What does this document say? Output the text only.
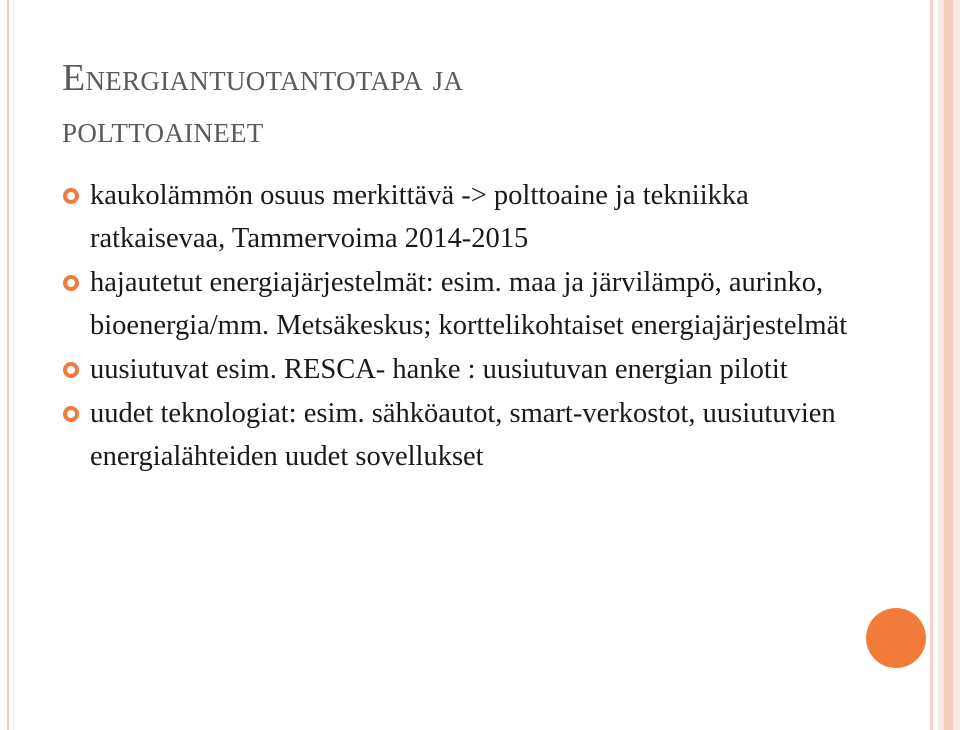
Energiantuotantotapa ja
polttoaineet
kaukolämmön osuus merkittävä -> polttoaine ja tekniikka ratkaisevaa, Tammervoima 2014-2015
hajautetut energiajärjestelmät: esim. maa ja järvilämpö, aurinko, bioenergia/mm. Metsäkeskus; korttelikohtaiset energiajärjestelmät
uusiutuvat esim. RESCA- hanke : uusiutuvan energian pilotit
uudet teknologiat: esim. sähköautot, smart-verkostot, uusiutuvien energialähteiden uudet sovellukset
